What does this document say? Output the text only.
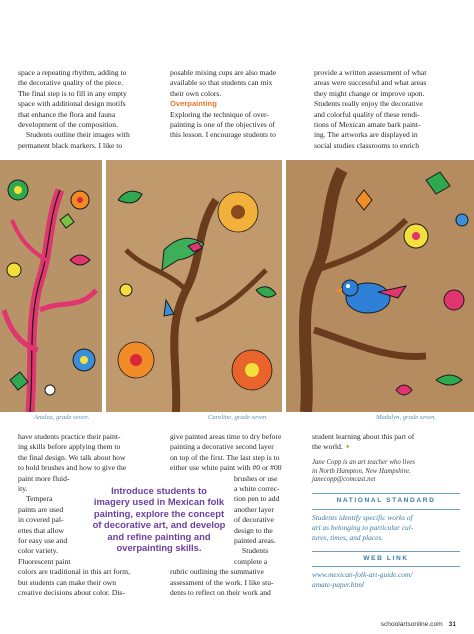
space a repeating rhythm, adding to

the decorative quality of the piece.

The final step is to fill in any empty

space with additional design motifs

that enhance the flora and fauna

development of the composition.

Students outline their images with

permanent black markers. I like to

posable mixing cups are also made

available so that students can mix

their own colors.

Overpainting

Exploring the technique of over-

painting is one of the objectives of

this lesson. I encourage students to

provide a written assessment of what

areas were successful and what areas

they might change or improve upon.

Students really enjoy the decorative

and colorful quality of these rendi-

tions of Mexican amate bark paint-

ing. The artworks are displayed in

social studies classrooms to enrich

Analea, grade seven.	Caroline, grade seven.	Madalyn, grade seven.

have students practice their paint-

ing skills before applying them to

the final design. We talk about how

to hold brushes and how to give the

paint more fluid-

ity.

Tempera

paints are used

in covered pal-

ettes that allow

for easy use and

color variety.

Fluorescent paint

colors are traditional in this art form,

but students can make their own

creative decisions about color. Dis-

give painted areas time to dry before

painting a decorative second layer

on top of the first. The last step is to

either use white paint with #0 or #00

brushes or use

a white correc-

tion pen to add

another layer

of decorative

design to the

painted areas.

Students

complete a

rubric outlining the summative

assessment of the work. I like stu-

dents to reflect on their work and

Introduce students to imagery used in Mexican folk painting, explore the concept of decorative art, and develop and refine painting and overpainting skills.

student learning about this part of

the world. ✦

Jane Copp is an art teacher who lives

in North Hampton, New Hampshire.

janecopp@comcast.net

NATIONAL STANDARD

Students identify specific works of

art as belonging to particular cul-

tures, times, and places.

WEB LINK

www.mexican-folk-art-guide.com/

amate-paper.html

schoolartsonline.com 31
